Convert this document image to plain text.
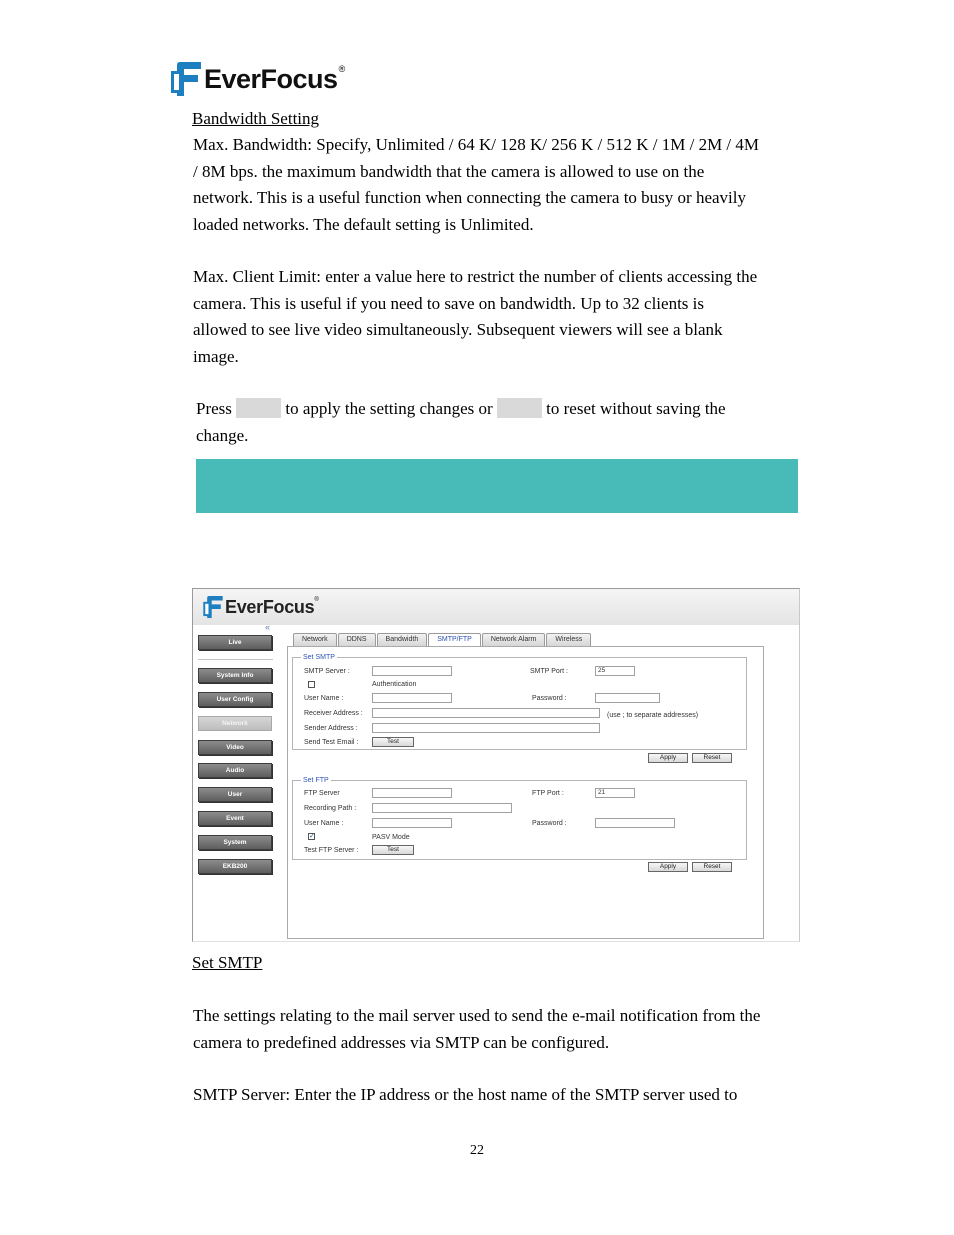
EverFocus ®
Bandwidth Setting
Max. Bandwidth: Specify, Unlimited / 64 K/ 128 K/ 256 K / 512 K / 1M / 2M / 4M
/ 8M bps. the maximum bandwidth that the camera is allowed to use on the
network. This is a useful function when connecting the camera to busy or heavily
loaded networks. The default setting is Unlimited.
Max. Client Limit: enter a value here to restrict the number of clients accessing the
camera. This is useful if you need to save on bandwidth. Up to 32 clients is
allowed to see live video simultaneously. Subsequent viewers will see a blank
image.
Press	to apply the setting changes or	to reset without saving the
change.
EverFocus ®
«
Live
System Info
User Config
Network
Video
Audio
User
Event
System
EKB200
Network	DDNS	Bandwidth	SMTP/FTP	Network Alarm	Wireless
Set SMTP
SMTP Server :	SMTP Port :	25
Authentication
User Name :	Password :
Receiver Address :	(use ; to separate addresses)
Sender Address :
Send Test Email :	Test
Apply	Reset
Set FTP
FTP Server	FTP Port :	21
Recording Path :
User Name :	Password :
✓	PASV Mode
Test FTP Server :	Test
Apply	Reset
Set SMTP
The settings relating to the mail server used to send the e-mail notification from the
camera to predefined addresses via SMTP can be configured.
SMTP Server: Enter the IP address or the host name of the SMTP server used to
22
